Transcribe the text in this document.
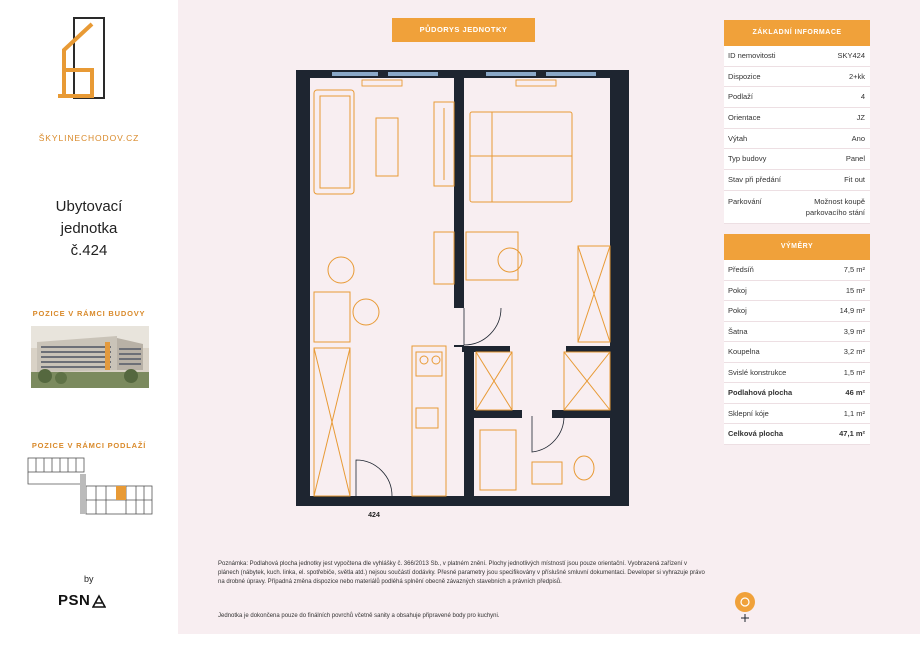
ŠKYLINECHODOV.CZ
Ubytovací
jednotka
č.424
POZICE V RÁMCI BUDOVY
POZICE V RÁMCI PODLAŽÍ
by
PSN
PŮDORYS JEDNOTKY
424
ZÁKLADNÍ INFORMACE
ID nemovitosti	SKY424
Dispozice	2+kk
Podlaží	4
Orientace	JZ
Výtah	Ano
Typ budovy	Panel
Stav při předání	Fit out
Parkování	Možnost koupě parkovacího stání
VÝMĚRY
Předsíň	7,5 m²
Pokoj	15 m²
Pokoj	14,9 m²
Šatna	3,9 m²
Koupelna	3,2 m²
Svislé konstrukce	1,5 m²
Podlahová plocha	46 m²
Sklepní kóje	1,1 m²
Celková plocha	47,1 m²
Poznámka: Podlahová plocha jednotky jest vypočtena dle vyhlášky č. 366/2013 Sb., v platném znění. Plochy jednotlivých místností jsou pouze orientační. Vyobrazená zařízení v plánech (nábytek, kuch. linka, el. spotřebiče, světla atd.) nejsou součástí dodávky. Přesné parametry jsou specifikovány v příslušné smluvní dokumentaci. Developer si vyhrazuje právo na drobné úpravy. Případná změna dispozice nebo materiálů podléhá splnění obecně závazných stavebních a právních předpisů.
Jednotka je dokončena pouze do finálních povrchů včetně sanity a obsahuje připravené body pro kuchyni.
